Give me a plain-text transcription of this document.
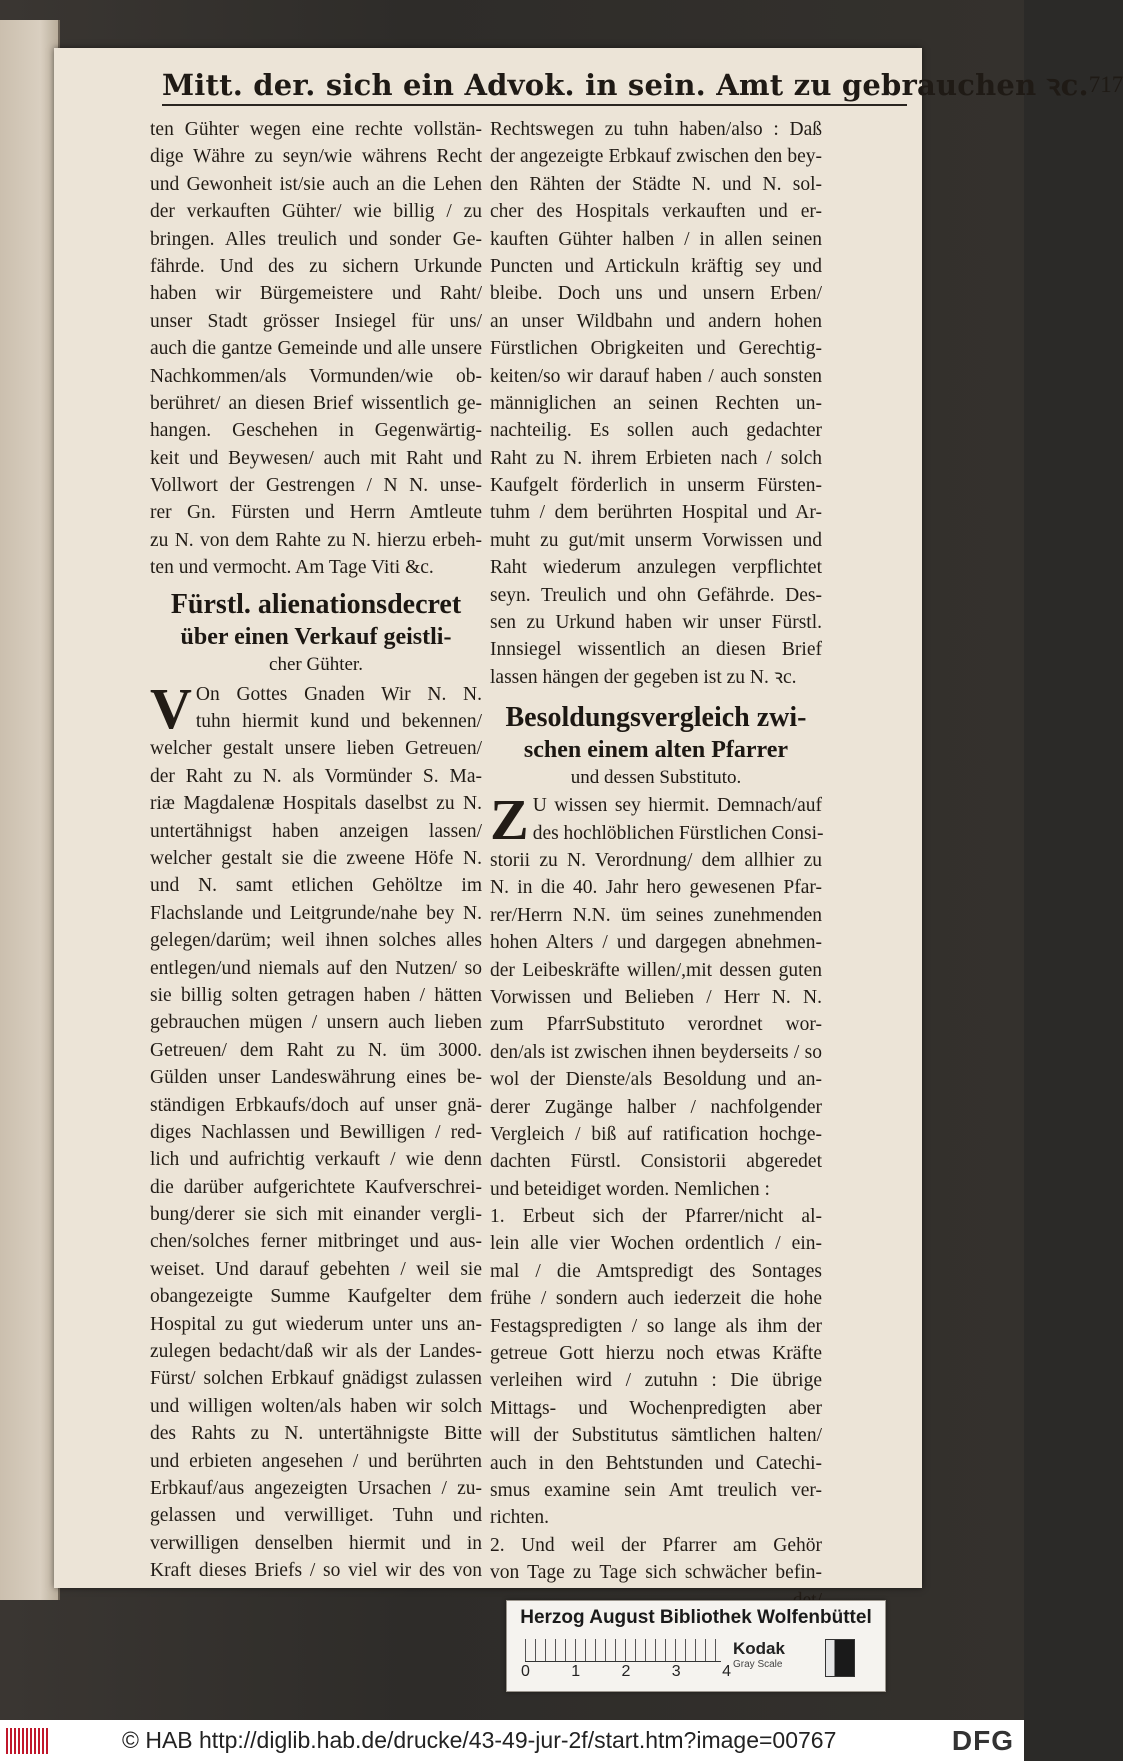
Mitt. der. sich ein Advok. in sein. Amt zu gebrauchen ꝛc. 717
ten Gühter wegen eine rechte vollstän-
dige Währe zu seyn/wie währens Recht
und Gewonheit ist/sie auch an die Lehen
der verkauften Gühter/ wie billig / zu
bringen. Alles treulich und sonder Ge-
fährde. Und des zu sichern Urkunde
haben wir Bürgemeistere und Raht/
unser Stadt grösser Insiegel für uns/
auch die gantze Gemeinde und alle unsere
Nachkommen/als Vormunden/wie ob-
berühret/ an diesen Brief wissentlich ge-
hangen. Geschehen in Gegenwärtig-
keit und Beywesen/ auch mit Raht und
Vollwort der Gestrengen / N N. unse-
rer Gn. Fürsten und Herrn Amtleute
zu N. von dem Rahte zu N. hierzu erbeh-
ten und vermocht. Am Tage Viti &c.
Fürstl. alienationsdecret
über einen Verkauf geistli-
cher Gühter.
V On Gottes Gnaden Wir N. N.
tuhn hiermit kund und bekennen/
welcher gestalt unsere lieben Getreuen/
der Raht zu N. als Vormünder S. Ma-
riæ Magdalenæ Hospitals daselbst zu N.
untertähnigst haben anzeigen lassen/
welcher gestalt sie die zweene Höfe N.
und N. samt etlichen Gehöltze im
Flachslande und Leitgrunde/nahe bey N.
gelegen/darüm; weil ihnen solches alles
entlegen/und niemals auf den Nutzen/ so
sie billig solten getragen haben / hätten
gebrauchen mügen / unsern auch lieben
Getreuen/ dem Raht zu N. üm 3000.
Gülden unser Landeswährung eines be-
ständigen Erbkaufs/doch auf unser gnä-
diges Nachlassen und Bewilligen / red-
lich und aufrichtig verkauft / wie denn
die darüber aufgerichtete Kaufverschrei-
bung/derer sie sich mit einander vergli-
chen/solches ferner mitbringet und aus-
weiset. Und darauf gebehten / weil sie
obangezeigte Summe Kaufgelter dem
Hospital zu gut wiederum unter uns an-
zulegen bedacht/daß wir als der Landes-
Fürst/ solchen Erbkauf gnädigst zulassen
und willigen wolten/als haben wir solch
des Rahts zu N. untertähnigste Bitte
und erbieten angesehen / und berührten
Erbkauf/aus angezeigten Ursachen / zu-
gelassen und verwilliget. Tuhn und
verwilligen denselben hiermit und in
Kraft dieses Briefs / so viel wir des von
Rechtswegen zu tuhn haben/also : Daß
der angezeigte Erbkauf zwischen den bey-
den Rähten der Städte N. und N. sol-
cher des Hospitals verkauften und er-
kauften Gühter halben / in allen seinen
Puncten und Artickuln kräftig sey und
bleibe. Doch uns und unsern Erben/
an unser Wildbahn und andern hohen
Fürstlichen Obrigkeiten und Gerechtig-
keiten/so wir darauf haben / auch sonsten
männiglichen an seinen Rechten un-
nachteilig. Es sollen auch gedachter
Raht zu N. ihrem Erbieten nach / solch
Kaufgelt förderlich in unserm Fürsten-
tuhm / dem berührten Hospital und Ar-
muht zu gut/mit unserm Vorwissen und
Raht wiederum anzulegen verpflichtet
seyn. Treulich und ohn Gefährde. Des-
sen zu Urkund haben wir unser Fürstl.
Innsiegel wissentlich an diesen Brief
lassen hängen der gegeben ist zu N. ꝛc.
Besoldungsvergleich zwi-
schen einem alten Pfarrer
und dessen Substituto.
Z U wissen sey hiermit. Demnach/auf
des hochlöblichen Fürstlichen Consi-
storii zu N. Verordnung/ dem allhier zu
N. in die 40. Jahr hero gewesenen Pfar-
rer/Herrn N.N. üm seines zunehmenden
hohen Alters / und dargegen abnehmen-
der Leibeskräfte willen/,mit dessen guten
Vorwissen und Belieben / Herr N. N.
zum PfarrSubstituto verordnet wor-
den/als ist zwischen ihnen beyderseits / so
wol der Dienste/als Besoldung und an-
derer Zugänge halber / nachfolgender
Vergleich / biß auf ratification hochge-
dachten Fürstl. Consistorii abgeredet
und beteidiget worden. Nemlichen :
1. Erbeut sich der Pfarrer/nicht al-
lein alle vier Wochen ordentlich / ein-
mal / die Amtspredigt des Sontages
frühe / sondern auch iederzeit die hohe
Festagspredigten / so lange als ihm der
getreue Gott hierzu noch etwas Kräfte
verleihen wird / zutuhn : Die übrige
Mittags- und Wochenpredigten aber
will der Substitutus sämtlichen halten/
auch in den Behtstunden und Catechi-
smus examine sein Amt treulich ver-
richten.
2. Und weil der Pfarrer am Gehör
von Tage zu Tage sich schwächer befin-
Herzog August Bibliothek Wolfenbüttel
0	1	2	3	4
Kodak
Gray Scale
© HAB http://diglib.hab.de/drucke/43-49-jur-2f/start.htm?image=00767	DFG
